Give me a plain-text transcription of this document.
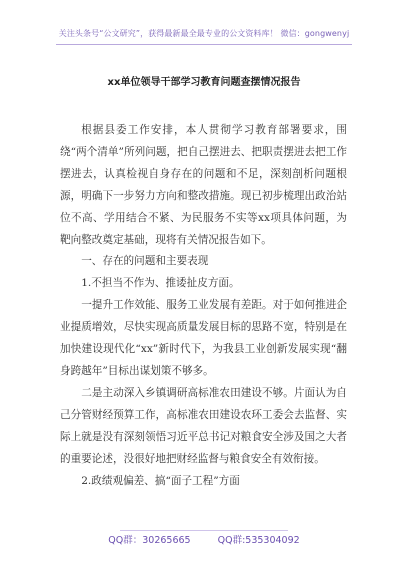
关注头条号“公文研究”，获得最新最全最专业的公文资料库！ 微信：gongwenyj
xx单位领导干部学习教育问题查摆情况报告

根据县委工作安排，本人贯彻学习教育部署要求，围绕“两个清单”所列问题，把自己摆进去、把职责摆进去把工作摆进去，认真检视自身存在的问题和不足，深刻剖析问题根源，明确下一步努力方向和整改措施。现已初步梳理出政治站位不高、学用结合不紧、为民服务不实等xx项具体问题，为靶向整改奠定基础，现将有关情况报告如下。

一、存在的问题和主要表现

1.不担当不作为、推诿扯皮方面。

一提升工作效能、服务工业发展有差距。对于如何推进企业提质增效，尽快实现高质量发展目标的思路不宽，特别是在加快建设现代化“xx”新时代下，为我县工业创新发展实现“翻身跨越年”目标出谋划策不够多。

二是主动深入乡镇调研高标准农田建设不够。片面认为自己分管财经预算工作，高标准农田建设农环工委会去监督、实际上就是没有深刻领悟习近平总书记对粮食安全涉及国之大者的重要论述，没很好地把财经监督与粮食安全有效衔接。

2.政绩观偏差、搞“面子工程”方面

QQ群：30265665	QQ群:535304092
